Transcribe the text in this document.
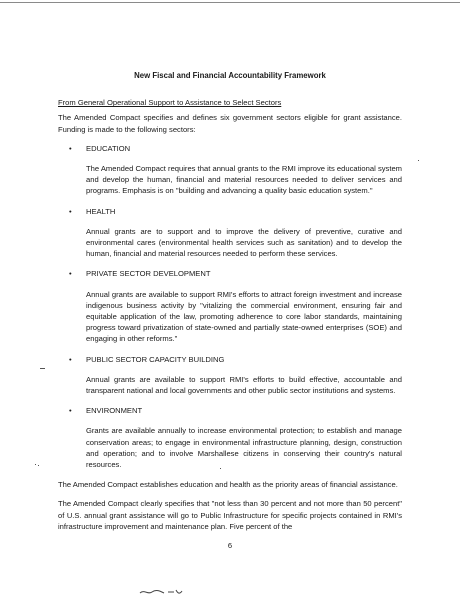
New Fiscal and Financial Accountability Framework
From General Operational Support to Assistance to Select Sectors

The Amended Compact specifies and defines six government sectors eligible for grant assistance. Funding is made to the following sectors:

• EDUCATION
The Amended Compact requires that annual grants to the RMI improve its educational system and develop the human, financial and material resources needed to deliver services and programs. Emphasis is on "building and advancing a quality basic education system."
• HEALTH
Annual grants are to support and to improve the delivery of preventive, curative and environmental cares (environmental health services such as sanitation) and to develop the human, financial and material resources needed to perform these services.
• PRIVATE SECTOR DEVELOPMENT
Annual grants are available to support RMI's efforts to attract foreign investment and increase indigenous business activity by "vitalizing the commercial environment, ensuring fair and equitable application of the law, promoting adherence to core labor standards, maintaining progress toward privatization of state-owned and partially state-owned enterprises (SOE) and engaging in other reforms."
• PUBLIC SECTOR CAPACITY BUILDING
Annual grants are available to support RMI's efforts to build effective, accountable and transparent national and local governments and other public sector institutions and systems.
• ENVIRONMENT
Grants are available annually to increase environmental protection; to establish and manage conservation areas; to engage in environmental infrastructure planning, design, construction and operation; and to involve Marshallese citizens in conserving their country's natural resources.

The Amended Compact establishes education and health as the priority areas of financial assistance.

The Amended Compact clearly specifies that "not less than 30 percent and not more than 50 percent" of U.S. annual grant assistance will go to Public Infrastructure for specific projects contained in RMI's infrastructure improvement and maintenance plan. Five percent of the

6
